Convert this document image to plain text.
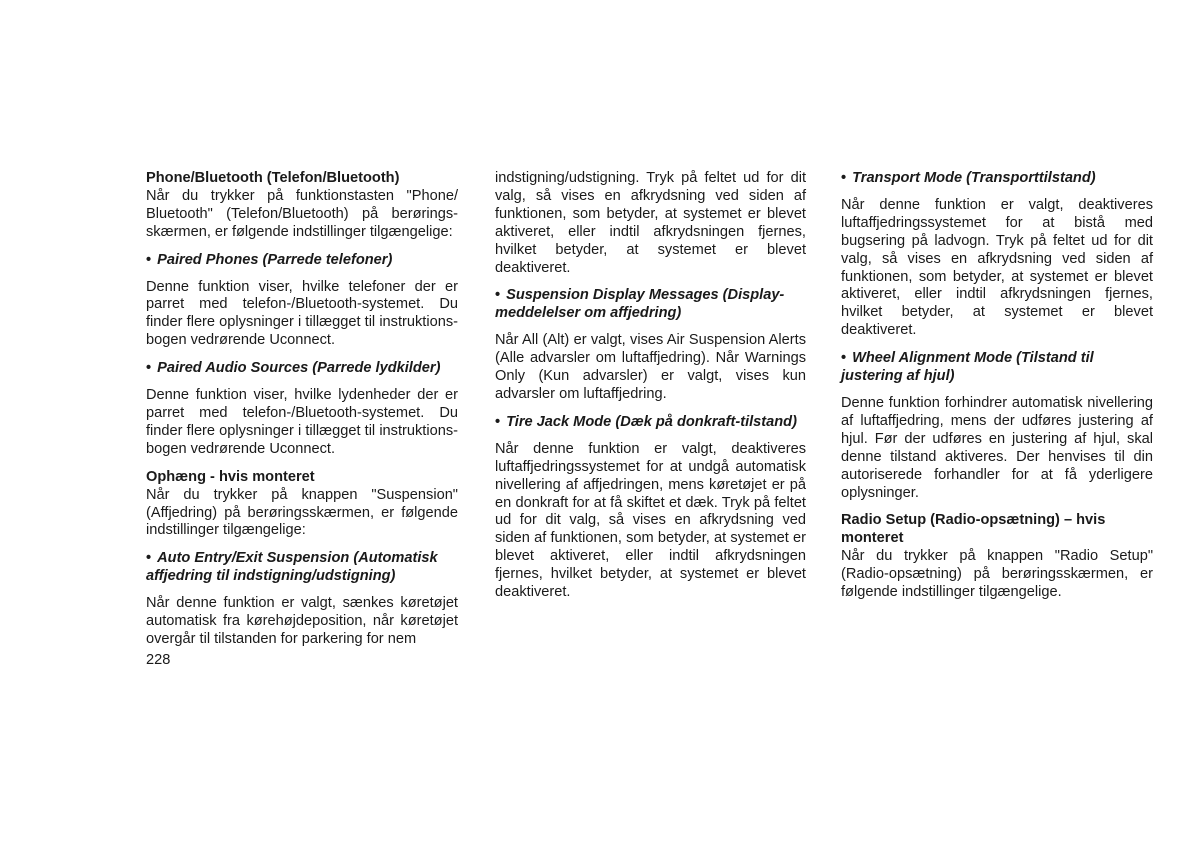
Phone/Bluetooth (Telefon/Bluetooth)
Når du trykker på funktionstasten "Phone/ Bluetooth" (Telefon/Bluetooth) på berørings-skærmen, er følgende indstillinger tilgængelige:
• Paired Phones (Parrede telefoner)
Denne funktion viser, hvilke telefoner der er parret med telefon-/Bluetooth-systemet. Du finder flere oplysninger i tillægget til instruktions-bogen vedrørende Uconnect.
• Paired Audio Sources (Parrede lydkilder)
Denne funktion viser, hvilke lydenheder der er parret med telefon-/Bluetooth-systemet. Du finder flere oplysninger i tillægget til instruktions-bogen vedrørende Uconnect.
Ophæng - hvis monteret
Når du trykker på knappen "Suspension" (Affjedring) på berøringsskærmen, er følgende indstillinger tilgængelige:
• Auto Entry/Exit Suspension (Automatisk affjedring til indstigning/udstigning)
Når denne funktion er valgt, sænkes køretøjet automatisk fra kørehøjdeposition, når køretøjet overgår til tilstanden for parkering for nem
indstigning/udstigning. Tryk på feltet ud for dit valg, så vises en afkrydsning ved siden af funktionen, som betyder, at systemet er blevet aktiveret, eller indtil afkrydsningen fjernes, hvilket betyder, at systemet er blevet deaktiveret.
• Suspension Display Messages (Display-meddelelser om affjedring)
Når All (Alt) er valgt, vises Air Suspension Alerts (Alle advarsler om luftaffjedring). Når Warnings Only (Kun advarsler) er valgt, vises kun advarsler om luftaffjedring.
• Tire Jack Mode (Dæk på donkraft-tilstand)
Når denne funktion er valgt, deaktiveres luftaffjedringssystemet for at undgå automatisk nivellering af affjedringen, mens køretøjet er på en donkraft for at få skiftet et dæk. Tryk på feltet ud for dit valg, så vises en afkrydsning ved siden af funktionen, som betyder, at systemet er blevet aktiveret, eller indtil afkrydsningen fjernes, hvilket betyder, at systemet er blevet deaktiveret.
• Transport Mode (Transporttilstand)
Når denne funktion er valgt, deaktiveres luftaffjedringssystemet for at bistå med bugsering på ladvogn. Tryk på feltet ud for dit valg, så vises en afkrydsning ved siden af funktionen, som betyder, at systemet er blevet aktiveret, eller indtil afkrydsningen fjernes, hvilket betyder, at systemet er blevet deaktiveret.
• Wheel Alignment Mode (Tilstand til justering af hjul)
Denne funktion forhindrer automatisk nivellering af luftaffjedring, mens der udføres justering af hjul. Før der udføres en justering af hjul, skal denne tilstand aktiveres. Der henvises til din autoriserede forhandler for at få yderligere oplysninger.
Radio Setup (Radio-opsætning) – hvis monteret
Når du trykker på knappen "Radio Setup" (Radio-opsætning) på berøringsskærmen, er følgende indstillinger tilgængelige.
228
